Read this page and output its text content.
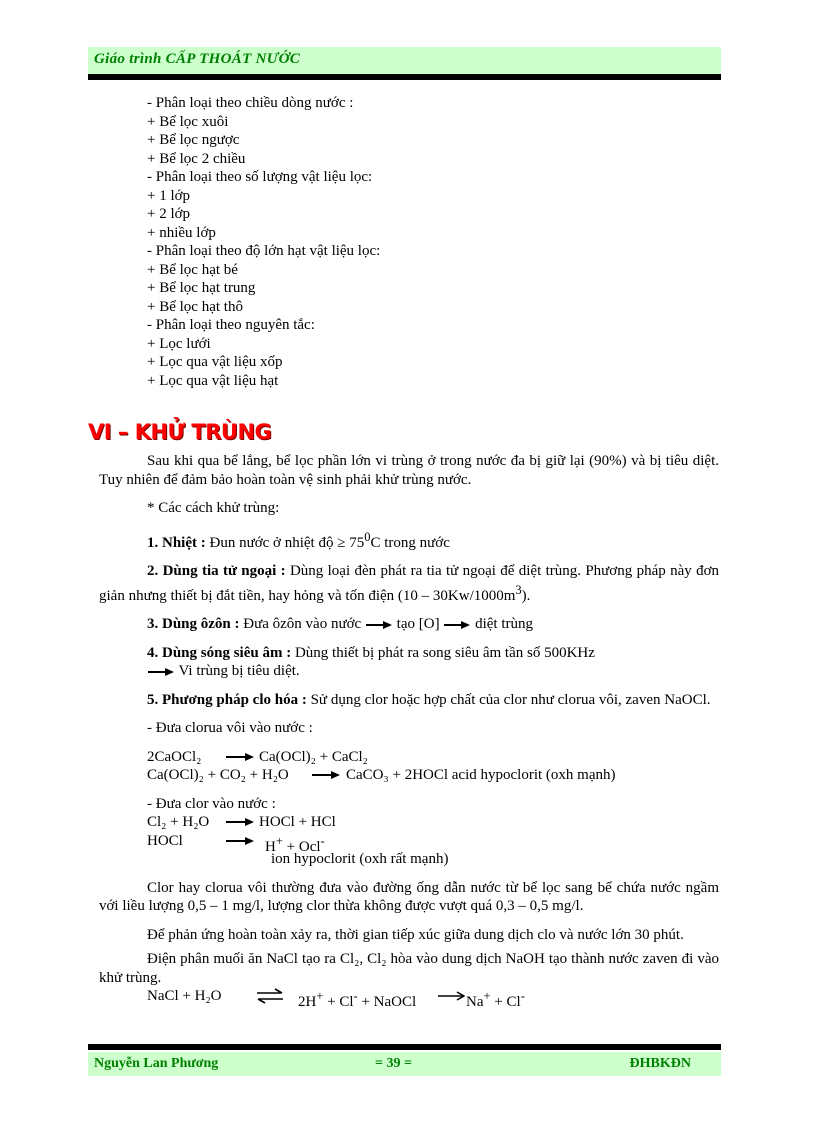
Giáo trình CẤP THOÁT NƯỚC
- Phân loại theo chiều dòng nước :
+ Bể lọc xuôi
+ Bể lọc ngược
+ Bể lọc 2 chiều
- Phân loại theo số lượng vật liệu lọc:
+ 1 lớp
+ 2 lớp
+ nhiều lớp
- Phân loại theo độ lớn hạt vật liệu lọc:
+ Bể lọc hạt bé
+ Bể lọc hạt trung
+ Bể lọc hạt thô
- Phân loại theo nguyên tắc:
+ Lọc lưới
+ Lọc qua vật liệu xốp
+ Lọc qua vật liệu hạt
VI – KHỬ TRÙNG

Sau khi qua bể lắng, bể lọc phần lớn vi trùng ở trong nước đa bị giữ lại (90%) và bị tiêu diệt. Tuy nhiên để đảm bảo hoàn toàn vệ sinh phải khử trùng nước.

* Các cách khử trùng:

1. Nhiệt : Đun nước ở nhiệt độ ≥ $75^0C$ trong nước

2. Dùng tia tử ngoại : Dùng loại đèn phát ra tia tử ngoại để diệt trùng. Phương pháp này đơn giản nhưng thiết bị đắt tiền, hay hỏng và tốn điện $(10 - 30Kw/1000m^3)$.

3. Dùng ôzôn : Đưa ôzôn vào nước tạo [O] diệt trùng

4. Dùng sóng siêu âm : Dùng thiết bị phát ra song siêu âm tần số 500KHz

Vi trùng bị tiêu diệt.

5. Phương pháp clo hóa : Sử dụng clor hoặc hợp chất của clor như clorua vôi, zaven NaOCl.

- Đưa clorua vôi vào nước :
2CaOCl₂	Ca(OCl)₂ + CaCl₂
Ca(OCl)₂ + CO₂ + H₂O	CaCO₃ + 2HOCl acid hypoclorit (oxh mạnh)
- Đưa clor vào nước :
Cl₂ + H₂O	HOCl + HCl
HOCl	H+ + Ocl-
ion hypoclorit (oxh rất mạnh)

Clor hay clorua vôi thường đưa vào đường ống dẫn nước từ bể lọc sang bể chứa nước ngầm với liều lượng 0,5 – 1 mg/l, lượng clor thừa không được vượt quá 0,3 – 0,5 mg/l.

Để phản ứng hoàn toàn xảy ra, thời gian tiếp xúc giữa dung dịch clo và nước lớn 30 phút.

Điện phân muối ăn NaCl tạo ra Cl₂, Cl₂ hòa vào dung dịch NaOH tạo thành nước zaven đi vào khử trùng.

NaCl + H₂O ⇌ 2H+ + Cl- + NaOCl	Na+ + Cl-
Nguyễn Lan Phương	= 39 =	ĐHBKĐN
